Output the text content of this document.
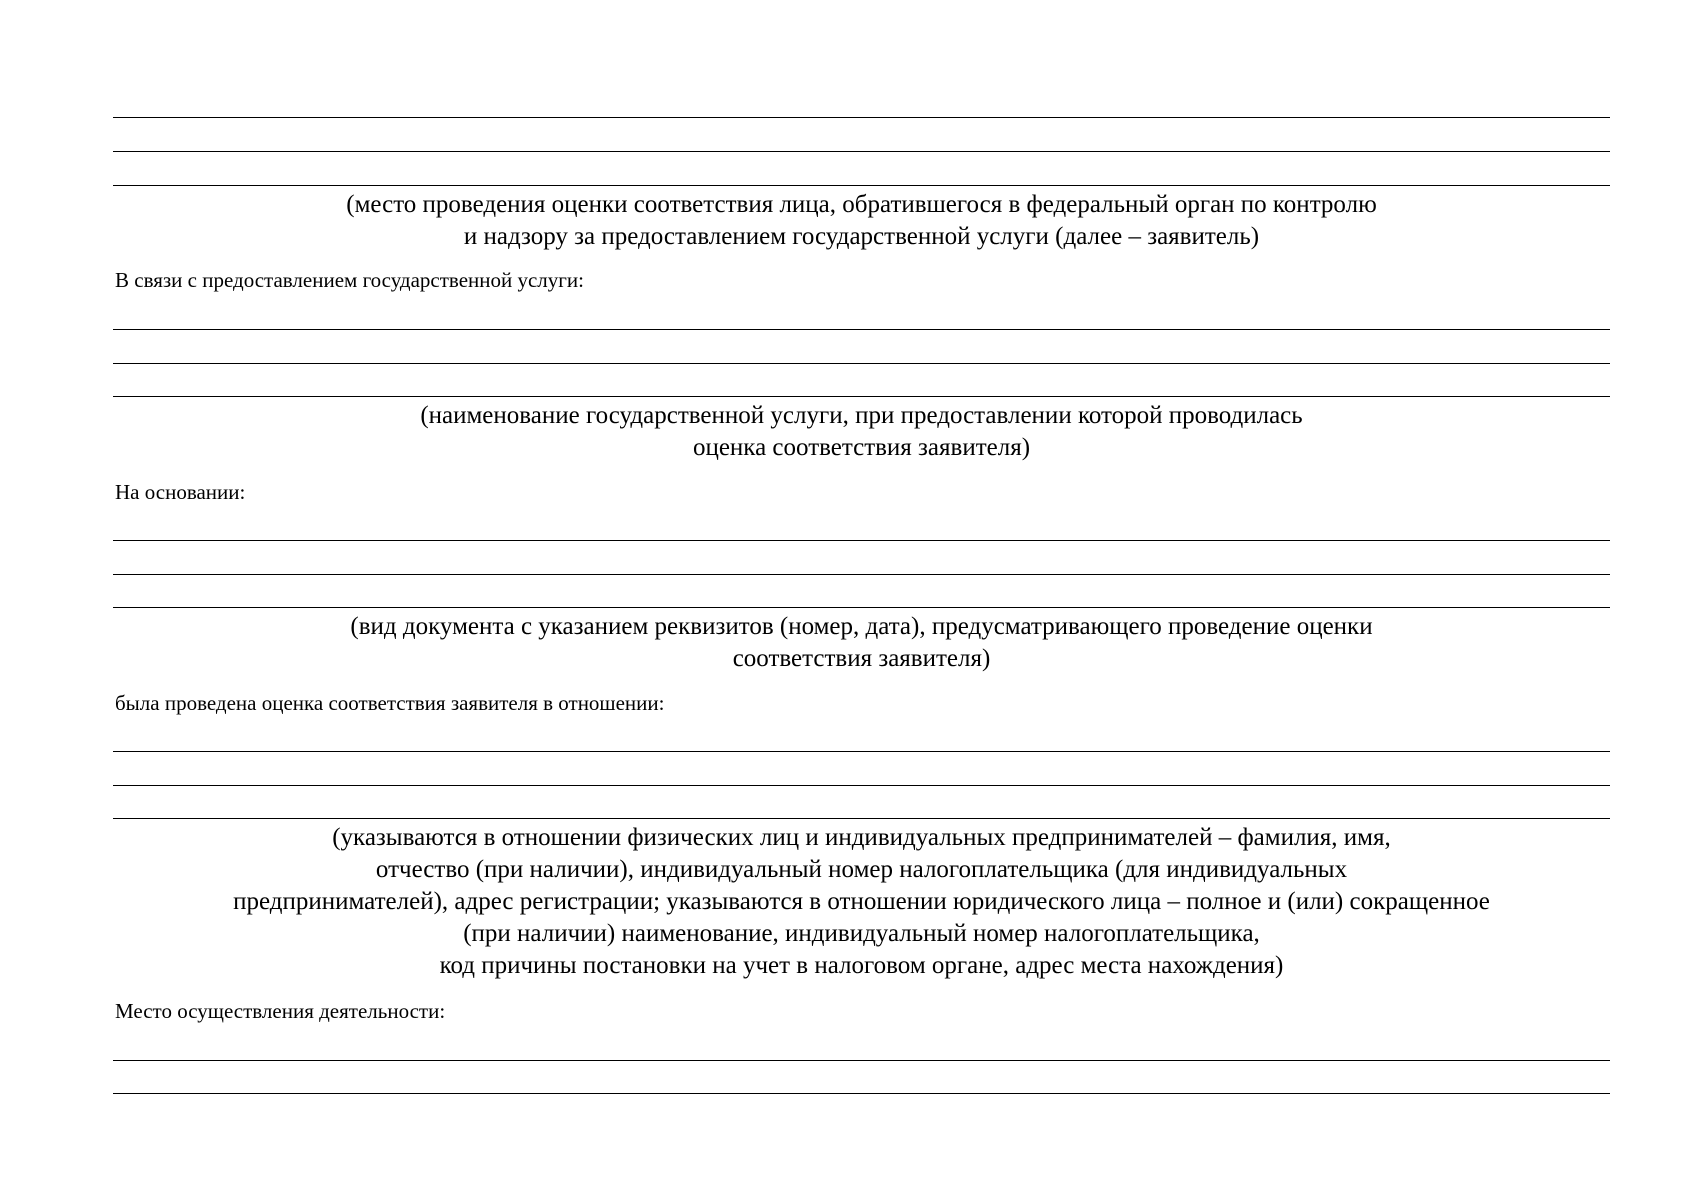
(место проведения оценки соответствия лица, обратившегося в федеральный орган по контролю
и надзору за предоставлением государственной услуги (далее – заявитель)
В связи с предоставлением государственной услуги:
(наименование государственной услуги, при предоставлении которой проводилась
оценка соответствия заявителя)
На основании:
(вид документа с указанием реквизитов (номер, дата), предусматривающего проведение оценки
соответствия заявителя)
была проведена оценка соответствия заявителя в отношении:
(указываются в отношении физических лиц и индивидуальных предпринимателей – фамилия, имя,
отчество (при наличии), индивидуальный номер налогоплательщика (для индивидуальных
предпринимателей), адрес регистрации; указываются в отношении юридического лица – полное и (или) сокращенное
(при наличии) наименование, индивидуальный номер налогоплательщика,
код причины постановки на учет в налоговом органе, адрес места нахождения)
Место осуществления деятельности:
